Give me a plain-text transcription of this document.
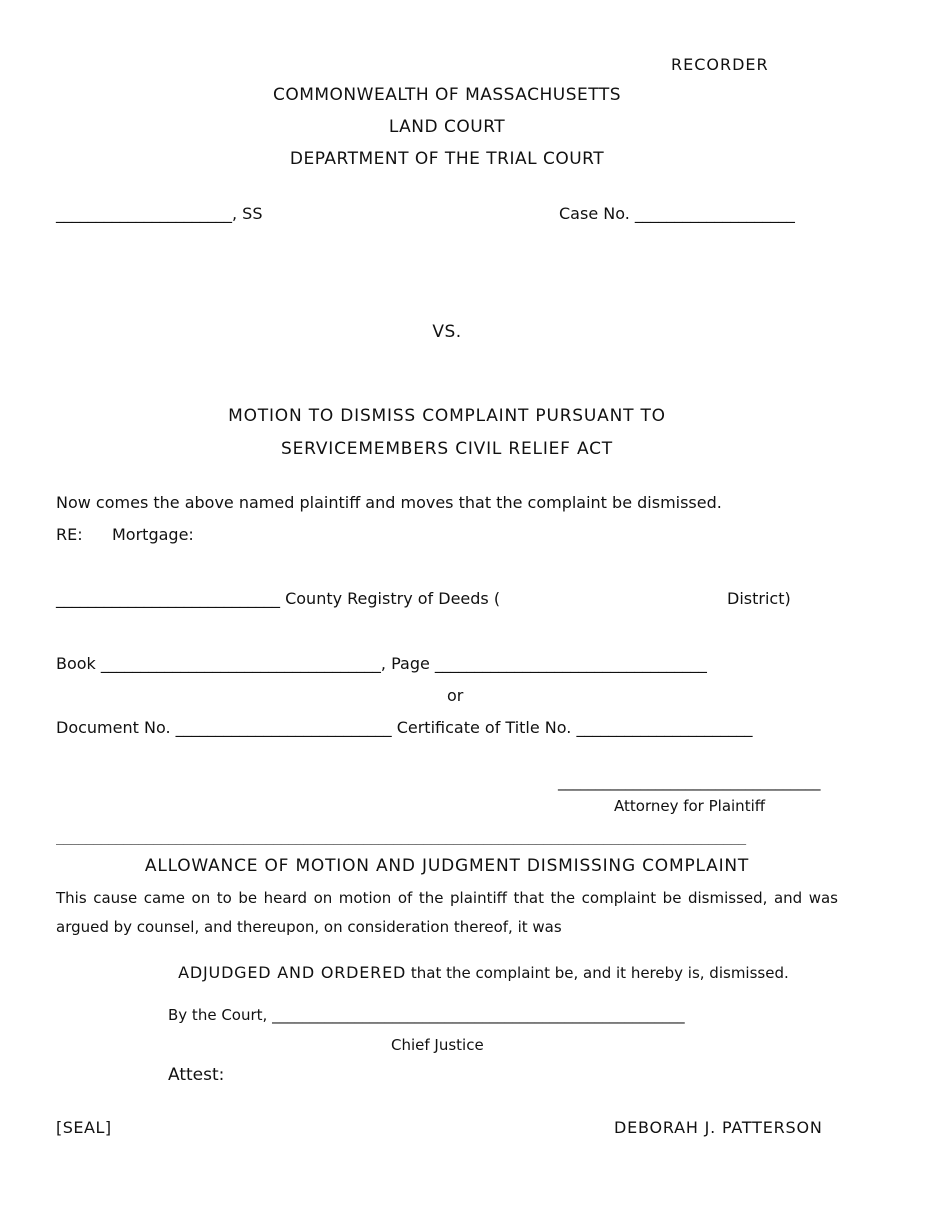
RECORDER
COMMONWEALTH OF MASSACHUSETTS
LAND COURT
DEPARTMENT OF THE TRIAL COURT
______________________, SS	Case No. ____________________
VS.
MOTION TO DISMISS COMPLAINT PURSUANT TO
SERVICEMEMBERS CIVIL RELIEF ACT
Now comes the above named plaintiff and moves that the complaint be dismissed.
RE: Mortgage:
____________________________ County Registry of Deeds (	District)
Book ___________________________________, Page __________________________________
or
Document No. ___________________________ Certificate of Title No. ______________________
___________________________________
Attorney for Plaintiff
____________________________________________________________________________________________
ALLOWANCE OF MOTION AND JUDGMENT DISMISSING COMPLAINT
This cause came on to be heard on motion of the plaintiff that the complaint be dismissed, and was argued by counsel, and thereupon, on consideration thereof, it was

ADJUDGED AND ORDERED that the complaint be, and it hereby is, dismissed.

By the Court, _______________________________________________________
Chief Justice
Attest:
[SEAL]	DEBORAH J. PATTERSON
